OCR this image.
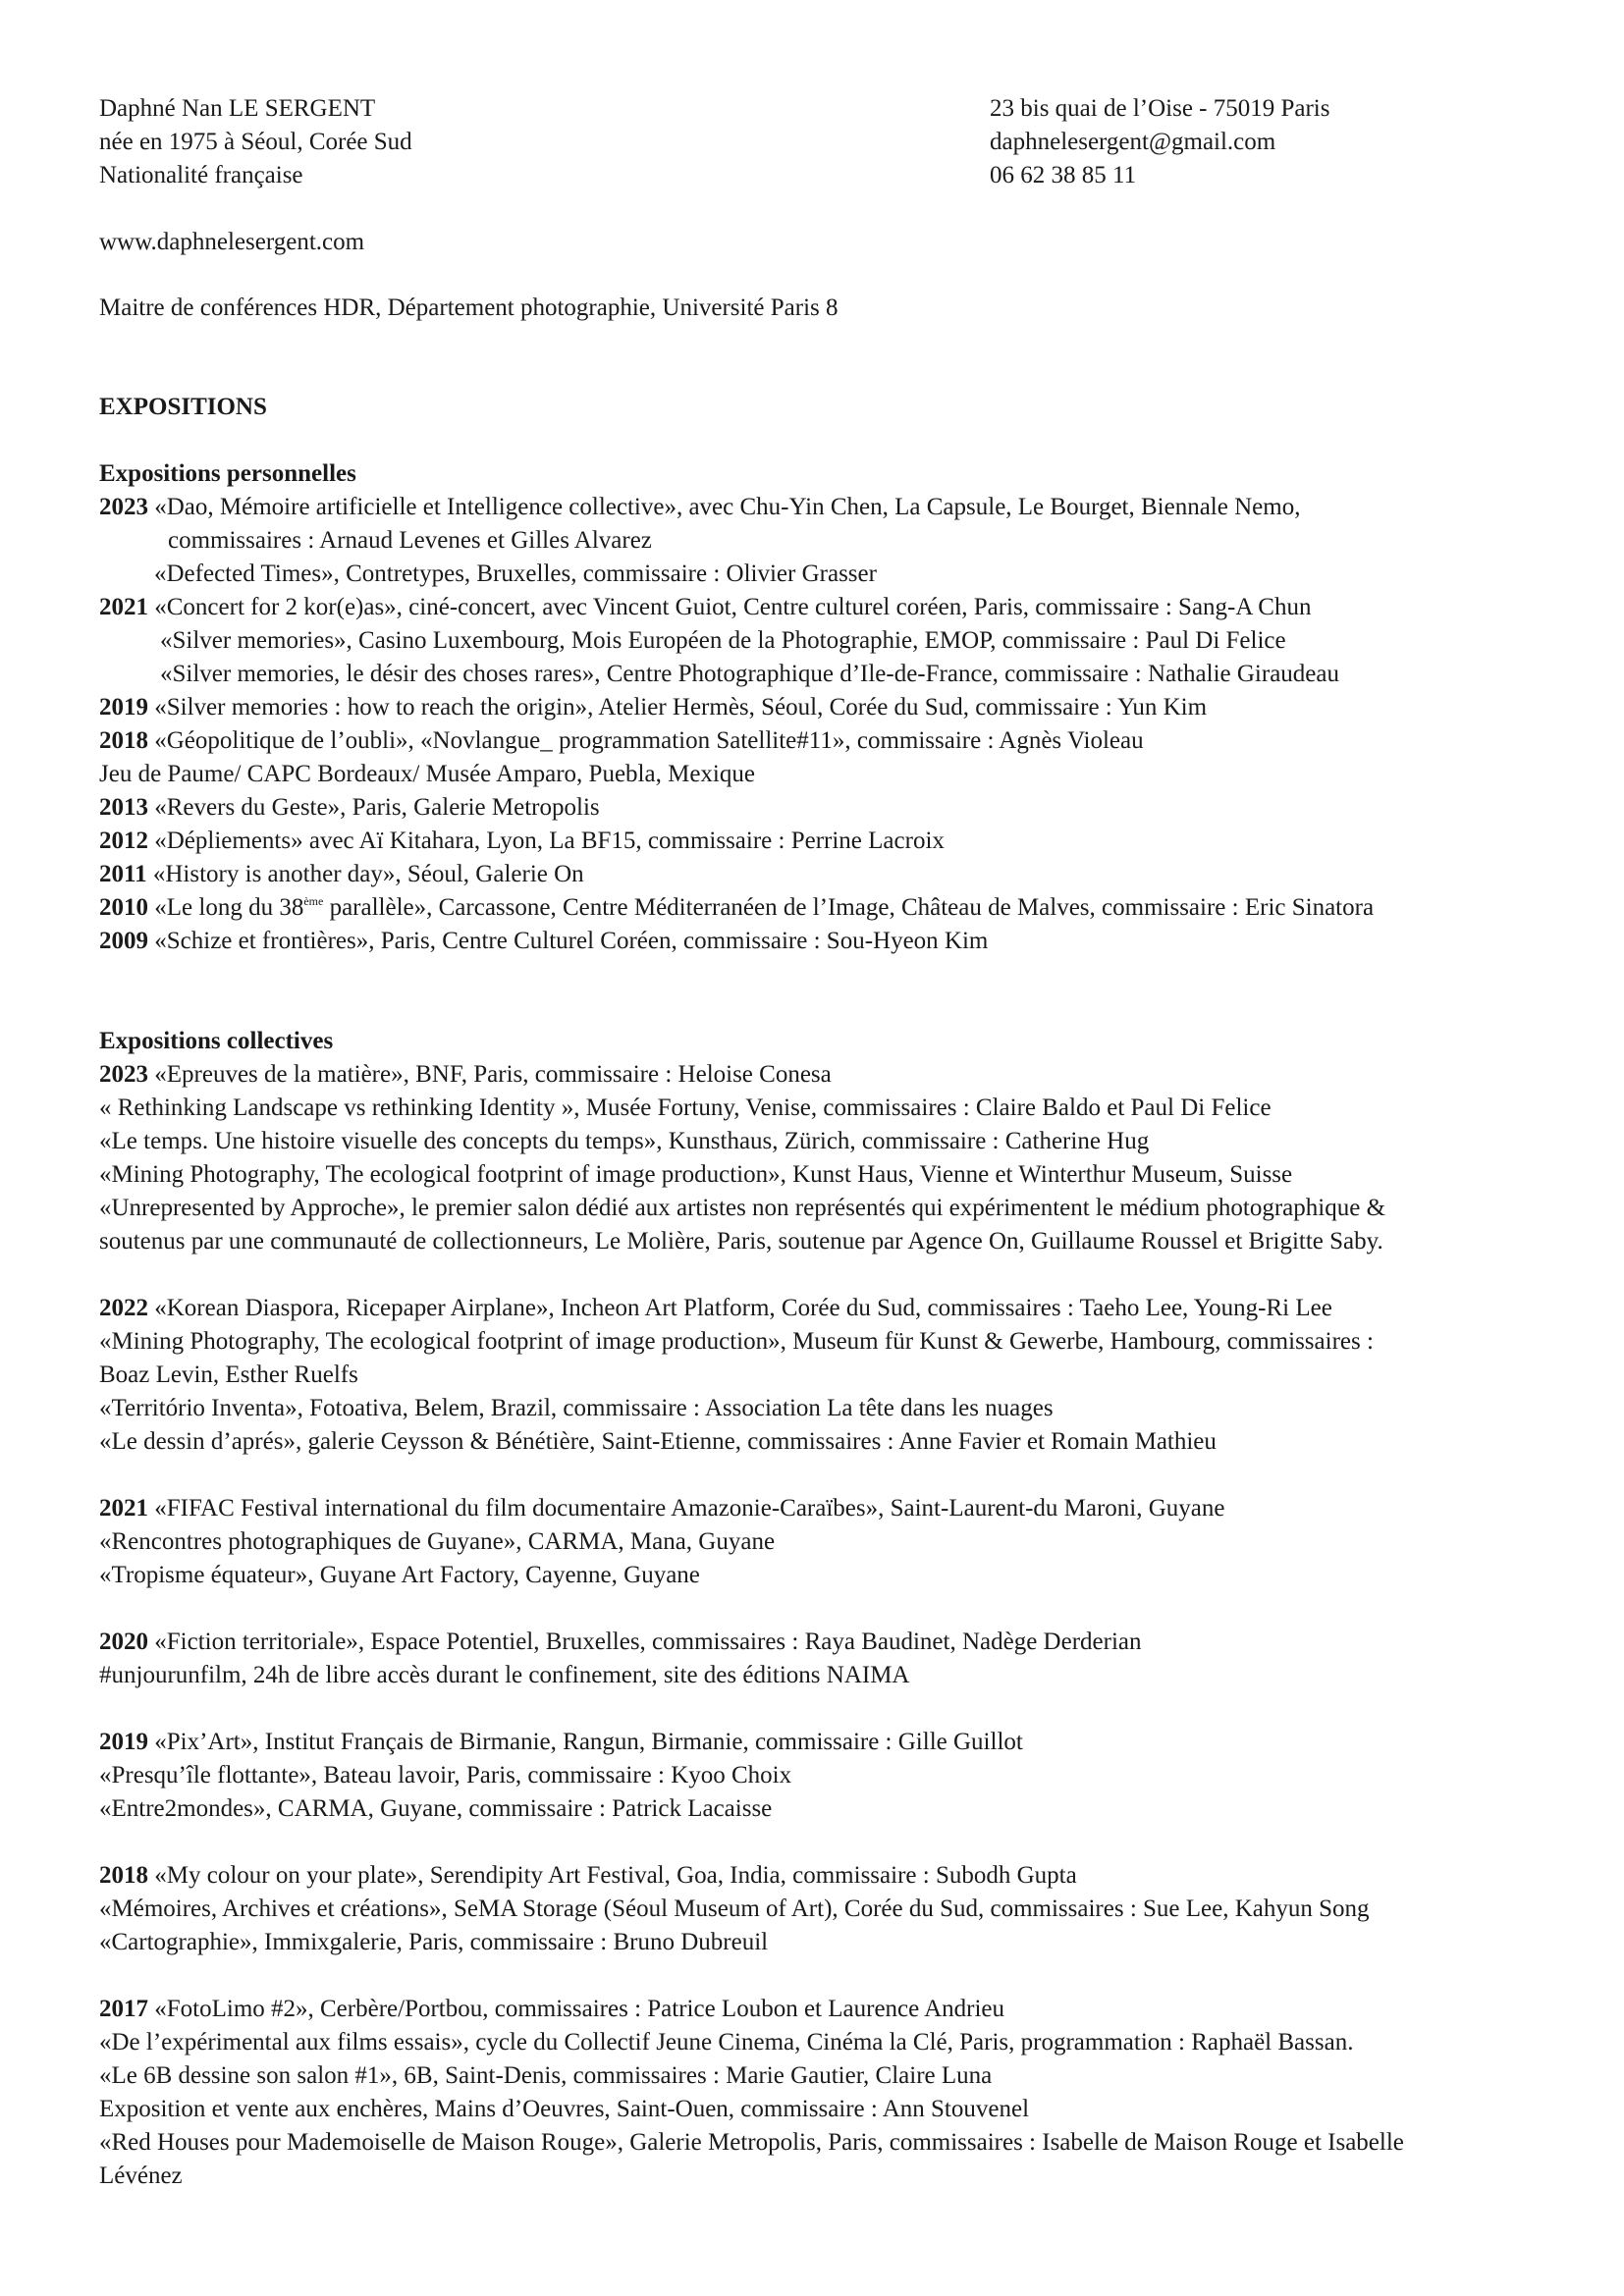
Daphné Nan LE SERGENT
née en 1975 à Séoul, Corée Sud
Nationalité française
23 bis quai de l’Oise - 75019 Paris
daphnelesergent@gmail.com
06 62 38 85 11
www.daphnelesergent.com
Maitre de conférences HDR, Département photographie, Université Paris 8
EXPOSITIONS
Expositions personnelles
2023 «Dao, Mémoire artificielle et Intelligence collective», avec Chu-Yin Chen, La Capsule, Le Bourget, Biennale Nemo,
commissaires : Arnaud Levenes et Gilles Alvarez
«Defected Times», Contretypes, Bruxelles, commissaire : Olivier Grasser
2021 «Concert for 2 kor(e)as», ciné-concert, avec Vincent Guiot, Centre culturel coréen, Paris, commissaire : Sang-A Chun
«Silver memories», Casino Luxembourg, Mois Européen de la Photographie, EMOP, commissaire : Paul Di Felice
«Silver memories, le désir des choses rares», Centre Photographique d’Ile-de-France, commissaire : Nathalie Giraudeau
2019 «Silver memories : how to reach the origin», Atelier Hermès, Séoul, Corée du Sud, commissaire : Yun Kim
2018 «Géopolitique de l’oubli», «Novlangue_ programmation Satellite#11», commissaire : Agnès Violeau
Jeu de Paume/ CAPC Bordeaux/ Musée Amparo, Puebla, Mexique
2013 «Revers du Geste», Paris, Galerie Metropolis
2012 «Dépliements» avec Aï Kitahara, Lyon, La BF15, commissaire : Perrine Lacroix
2011 «History is another day», Séoul, Galerie On
2010 «Le long du 38ème parallèle», Carcassone, Centre Méditerranéen de l’Image, Château de Malves, commissaire : Eric Sinatora
2009 «Schize et frontières», Paris, Centre Culturel Coréen, commissaire : Sou-Hyeon Kim
Expositions collectives
2023 «Epreuves de la matière», BNF, Paris, commissaire : Heloise Conesa
« Rethinking Landscape vs rethinking Identity », Musée Fortuny, Venise, commissaires : Claire Baldo et Paul Di Felice
«Le temps. Une histoire visuelle des concepts du temps», Kunsthaus, Zürich, commissaire : Catherine Hug
«Mining Photography, The ecological footprint of image production», Kunst Haus, Vienne et Winterthur Museum, Suisse
«Unrepresented by Approche», le premier salon dédié aux artistes non représentés qui expérimentent le médium photographique &
soutenus par une communauté de collectionneurs, Le Molière, Paris, soutenue par Agence On, Guillaume Roussel et Brigitte Saby.
2022 «Korean Diaspora, Ricepaper Airplane», Incheon Art Platform, Corée du Sud, commissaires : Taeho Lee, Young-Ri Lee
«Mining Photography, The ecological footprint of image production», Museum für Kunst & Gewerbe, Hambourg, commissaires :
Boaz Levin, Esther Ruelfs
«Território Inventa», Fotoativa, Belem, Brazil, commissaire : Association La tête dans les nuages
«Le dessin d’aprés», galerie Ceysson & Bénétière, Saint-Etienne, commissaires : Anne Favier et Romain Mathieu
2021 «FIFAC Festival international du film documentaire Amazonie-Caraïbes», Saint-Laurent-du Maroni, Guyane
«Rencontres photographiques de Guyane», CARMA, Mana, Guyane
«Tropisme équateur», Guyane Art Factory, Cayenne, Guyane
2020 «Fiction territoriale», Espace Potentiel, Bruxelles, commissaires : Raya Baudinet, Nadège Derderian
#unjourunfilm, 24h de libre accès durant le confinement, site des éditions NAIMA
2019 «Pix’Art», Institut Français de Birmanie, Rangun, Birmanie, commissaire : Gille Guillot
«Presqu’île flottante», Bateau lavoir, Paris, commissaire : Kyoo Choix
«Entre2mondes», CARMA, Guyane, commissaire : Patrick Lacaisse
2018 «My colour on your plate», Serendipity Art Festival, Goa, India, commissaire : Subodh Gupta
«Mémoires, Archives et créations», SeMA Storage (Séoul Museum of Art), Corée du Sud, commissaires : Sue Lee, Kahyun Song
«Cartographie», Immixgalerie, Paris, commissaire : Bruno Dubreuil
2017 «FotoLimo #2», Cerbère/Portbou, commissaires : Patrice Loubon et Laurence Andrieu
«De l’expérimental aux films essais», cycle du Collectif Jeune Cinema, Cinéma la Clé, Paris, programmation : Raphaël Bassan.
«Le 6B dessine son salon #1», 6B, Saint-Denis, commissaires : Marie Gautier, Claire Luna
Exposition et vente aux enchères, Mains d’Oeuvres, Saint-Ouen, commissaire : Ann Stouvenel
«Red Houses pour Mademoiselle de Maison Rouge», Galerie Metropolis, Paris, commissaires : Isabelle de Maison Rouge et Isabelle
Lévénez
